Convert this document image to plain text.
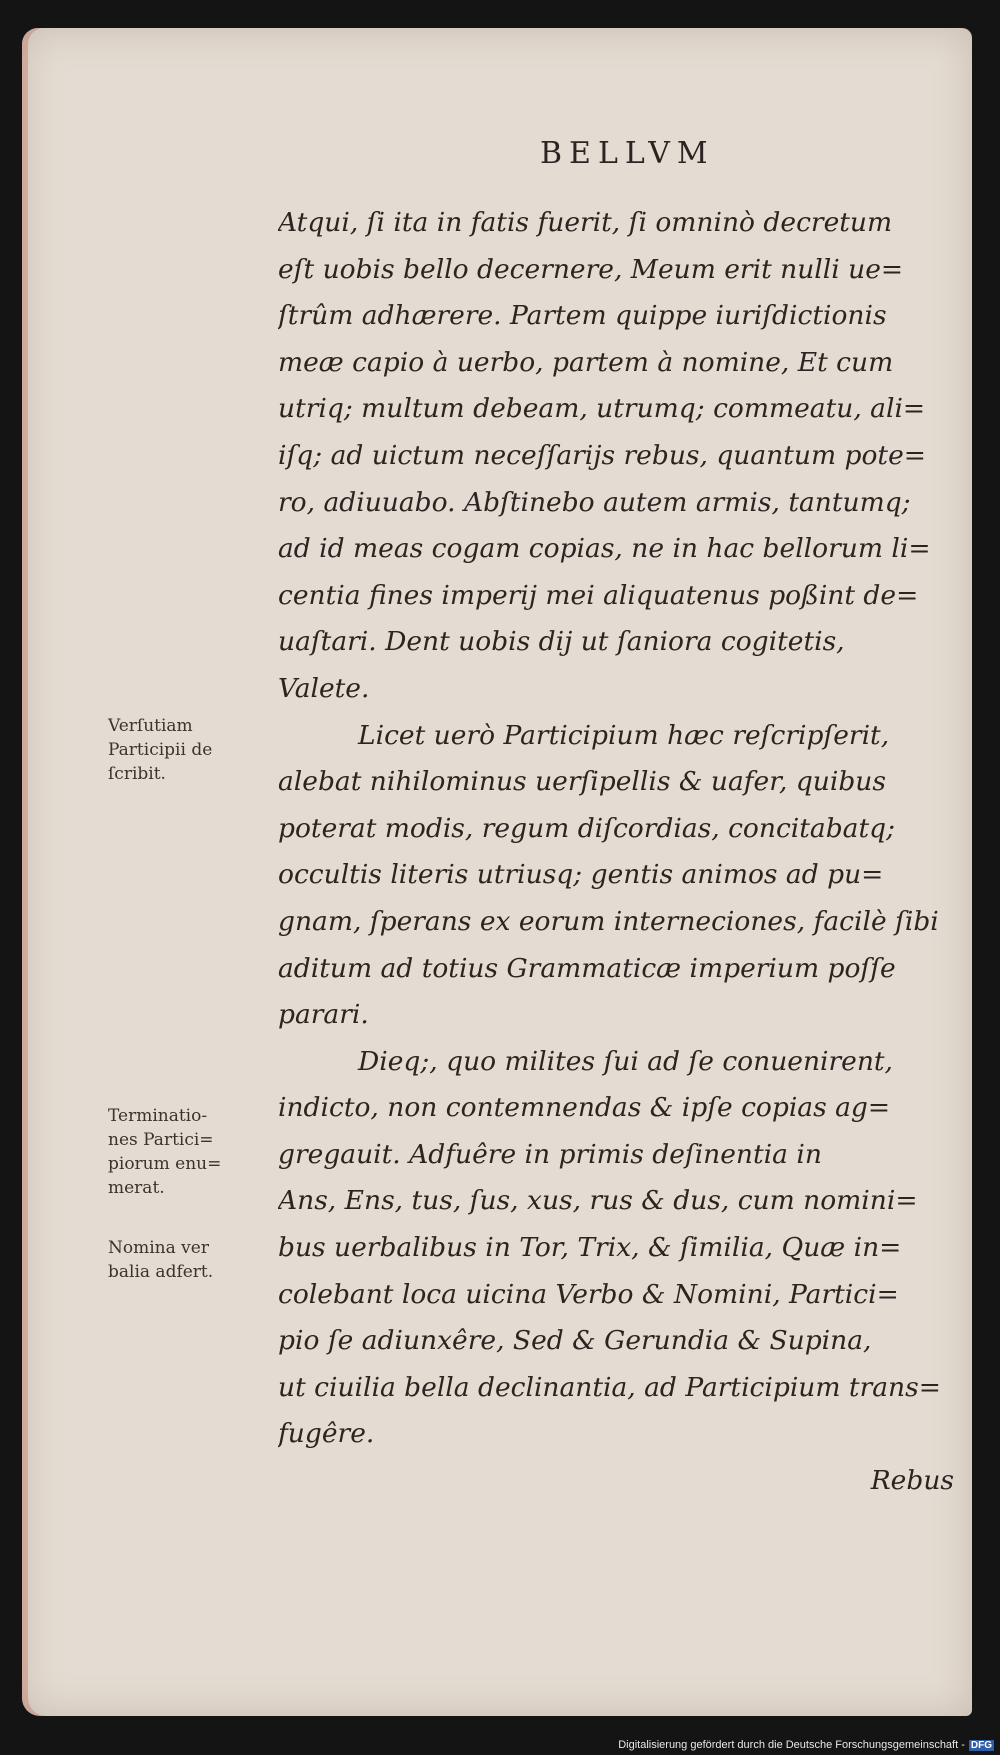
BELLVM
Atqui, ſi ita in fatis fuerit, ſi omninò decretum
eſt uobis bello decernere, Meum erit nulli ue=
ſtrûm adhærere. Partem quippe iuriſdictionis
meæ capio à uerbo, partem à nomine, Et cum
utriq; multum debeam, utrumq; commeatu, ali=
iſq; ad uictum neceſſarijs rebus, quantum pote=
ro, adiuuabo. Abſtinebo autem armis, tantumq;
ad id meas cogam copias, ne in hac bellorum li=
centia fines imperij mei aliquatenus poßint de=
uaſtari. Dent uobis dij ut ſaniora cogitetis,
Valete.
Licet uerò Participium hæc reſcripſerit,
alebat nihilominus uerſipellis & uafer, quibus
poterat modis, regum diſcordias, concitabatq;
occultis literis utriusq; gentis animos ad pu=
gnam, ſperans ex eorum interneciones, facilè ſibi
aditum ad totius Grammaticæ imperium poſſe
parari.
Dieq;, quo milites ſui ad ſe conuenirent,
indicto, non contemnendas & ipſe copias ag=
gregauit. Adfuêre in primis deſinentia in
Ans, Ens, tus, ſus, xus, rus & dus, cum nomini=
bus uerbalibus in Tor, Trix, & ſimilia, Quæ in=
colebant loca uicina Verbo & Nomini, Partici=
pio ſe adiunxêre, Sed & Gerundia & Supina,
ut ciuilia bella declinantia, ad Participium trans=
fugêre.
Rebus
Verſutiam
Participii de
ſcribit.
Terminatio-
nes Partici=
piorum enu=
merat.
Nomina ver
balia adfert.
Digitalisierung gefördert durch die Deutsche Forschungsgemeinschaft - DFG
